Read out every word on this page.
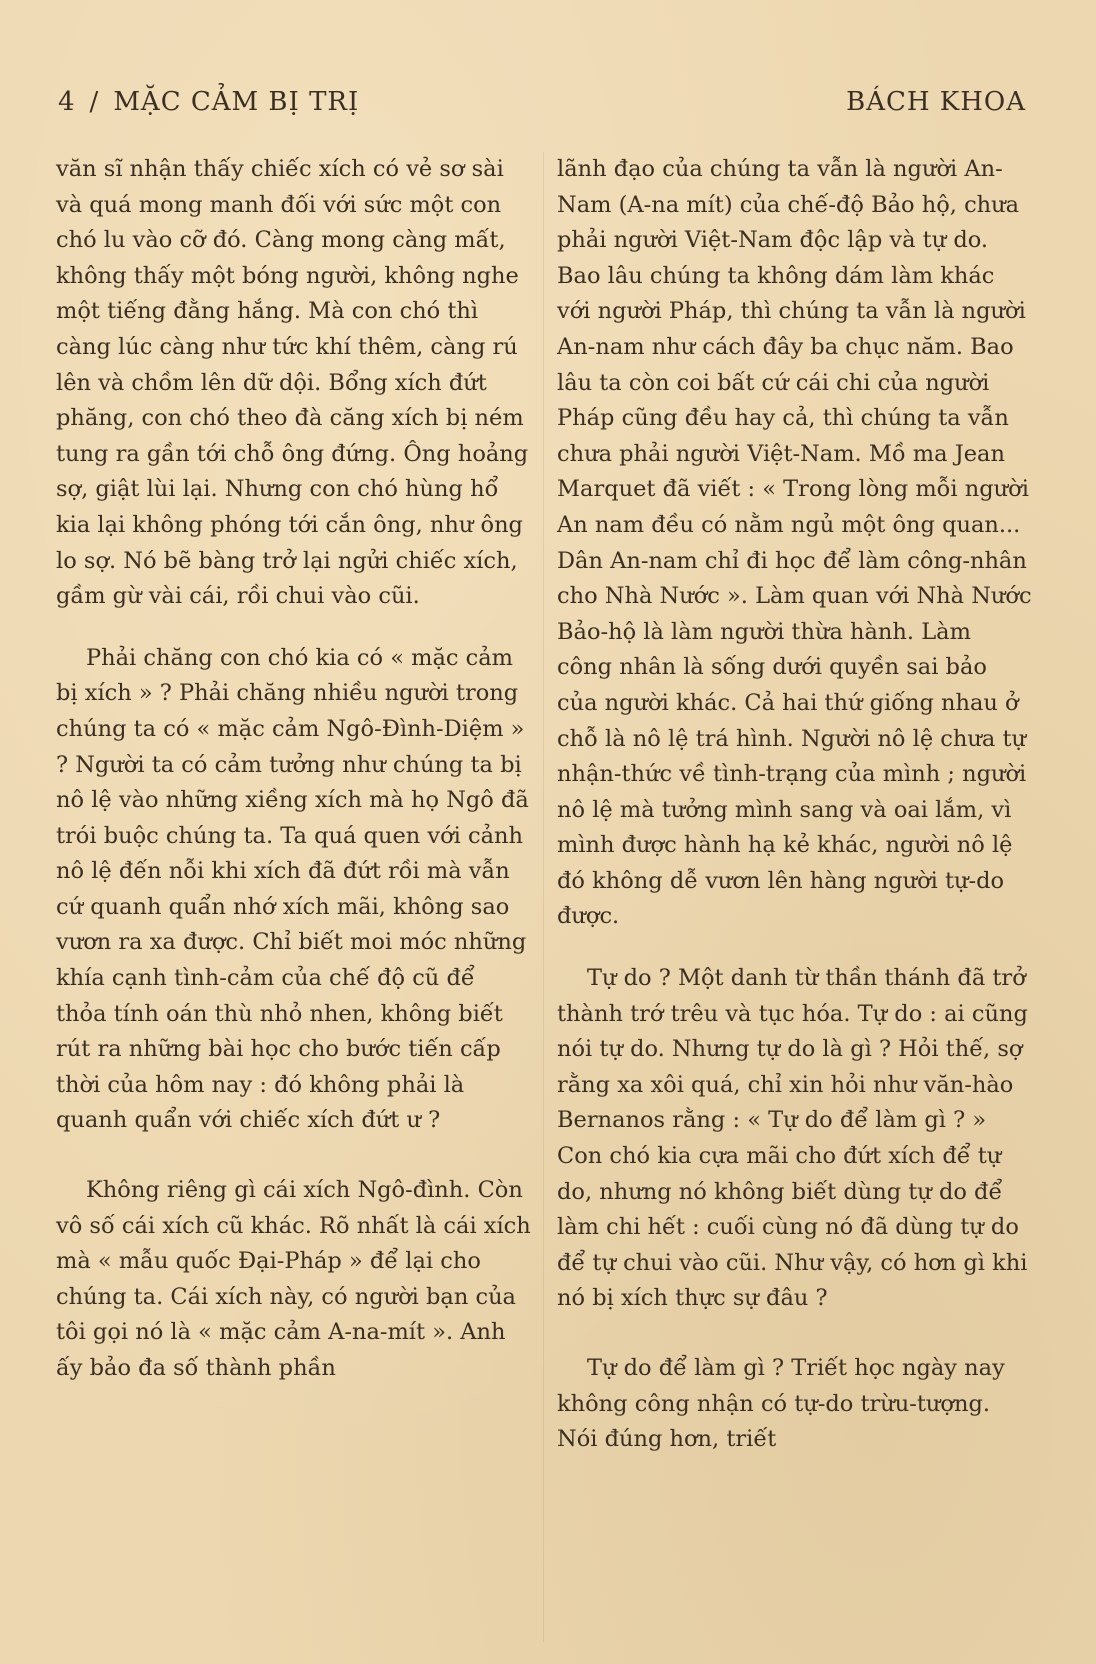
4 / MẶC CẢM BỊ TRỊ	BÁCH KHOA

văn sĩ nhận thấy chiếc xích có vẻ sơ sài và quá mong manh đối với sức một con chó lu vào cỡ đó. Càng mong càng mất, không thấy một bóng người, không nghe một tiếng đằng hắng. Mà con chó thì càng lúc càng như tức khí thêm, càng rú lên và chồm lên dữ dội. Bổng xích đứt phăng, con chó theo đà căng xích bị ném tung ra gần tới chỗ ông đứng. Ông hoảng sợ, giật lùi lại. Nhưng con chó hùng hổ kia lại không phóng tới cắn ông, như ông lo sợ. Nó bẽ bàng trở lại ngửi chiếc xích, gầm gừ vài cái, rồi chui vào cũi.

Phải chăng con chó kia có « mặc cảm bị xích » ? Phải chăng nhiều người trong chúng ta có « mặc cảm Ngô-Đình-Diệm » ? Người ta có cảm tưởng như chúng ta bị nô lệ vào những xiềng xích mà họ Ngô đã trói buộc chúng ta. Ta quá quen với cảnh nô lệ đến nỗi khi xích đã đứt rồi mà vẫn cứ quanh quẩn nhớ xích mãi, không sao vươn ra xa được. Chỉ biết moi móc những khía cạnh tình-cảm của chế độ cũ để thỏa tính oán thù nhỏ nhen, không biết rút ra những bài học cho bước tiến cấp thời của hôm nay : đó không phải là quanh quẩn với chiếc xích đứt ư ?

Không riêng gì cái xích Ngô-đình. Còn vô số cái xích cũ khác. Rõ nhất là cái xích mà « mẫu quốc Đại-Pháp » để lại cho chúng ta. Cái xích này, có người bạn của tôi gọi nó là « mặc cảm A-na-mít ». Anh ấy bảo đa số thành phần

lãnh đạo của chúng ta vẫn là người An-Nam (A-na mít) của chế-độ Bảo hộ, chưa phải người Việt-Nam độc lập và tự do. Bao lâu chúng ta không dám làm khác với người Pháp, thì chúng ta vẫn là người An-nam như cách đây ba chục năm. Bao lâu ta còn coi bất cứ cái chi của người Pháp cũng đều hay cả, thì chúng ta vẫn chưa phải người Việt-Nam. Mồ ma Jean Marquet đã viết : « Trong lòng mỗi người An nam đều có nằm ngủ một ông quan... Dân An-nam chỉ đi học để làm công-nhân cho Nhà Nước ». Làm quan với Nhà Nước Bảo-hộ là làm người thừa hành. Làm công nhân là sống dưới quyền sai bảo của người khác. Cả hai thứ giống nhau ở chỗ là nô lệ trá hình. Người nô lệ chưa tự nhận-thức về tình-trạng của mình ; người nô lệ mà tưởng mình sang và oai lắm, vì mình được hành hạ kẻ khác, người nô lệ đó không dễ vươn lên hàng người tự-do được.

Tự do ? Một danh từ thần thánh đã trở thành trớ trêu và tục hóa. Tự do : ai cũng nói tự do. Nhưng tự do là gì ? Hỏi thế, sợ rằng xa xôi quá, chỉ xin hỏi như văn-hào Bernanos rằng : « Tự do để làm gì ? » Con chó kia cựa mãi cho đứt xích để tự do, nhưng nó không biết dùng tự do để làm chi hết : cuối cùng nó đã dùng tự do để tự chui vào cũi. Như vậy, có hơn gì khi nó bị xích thực sự đâu ?

Tự do để làm gì ? Triết học ngày nay không công nhận có tự-do trừu-tượng. Nói đúng hơn, triết
